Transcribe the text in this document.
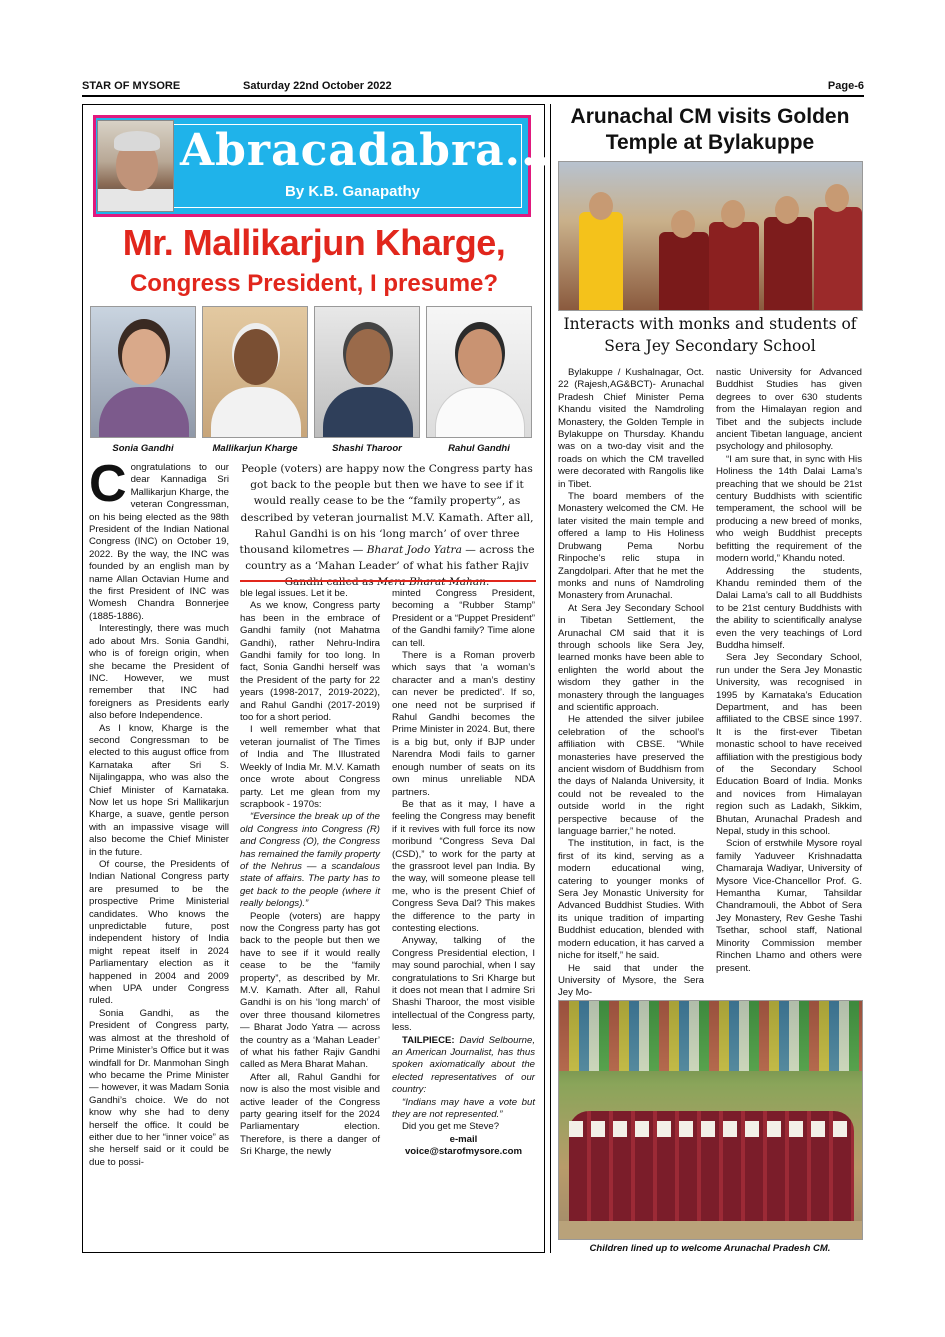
STAR OF MYSORE	Saturday 22nd October 2022	Page-6
Abracadabra...
By K.B. Ganapathy
Mr. Mallikarjun Kharge,
Congress President, I presume?
Sonia Gandhi	Mallikarjun Kharge	Shashi Tharoor	Rahul Gandhi
People (voters) are happy now the Congress party has got back to the people but then we have to see if it would really cease to be the “family property”, as described by veteran journalist M.V. Kamath. After all, Rahul Gandhi is on his ‘long march’ of over three thousand kilometres — Bharat Jodo Yatra — across the country as a ‘Mahan Leader’ of what his father Rajiv Gandhi called as Mera Bharat Mahan.

Congratulations to our dear Kannadiga Sri Mallikarjun Kharge, the veteran Congressman, on his being elected as the 98th President of the Indian National Congress (INC) on October 19, 2022. By the way, the INC was founded by an english man by name Allan Octavian Hume and the first President of INC was Womesh Chandra Bonnerjee (1885-1886).

Interestingly, there was much ado about Mrs. Sonia Gandhi, who is of foreign origin, when she became the President of INC. However, we must remember that INC had foreigners as Presidents early also before Independence.

As I know, Kharge is the second Congressman to be elected to this august office from Karnataka after Sri S. Nijalingappa, who was also the Chief Minister of Karnataka. Now let us hope Sri Mallikarjun Kharge, a suave, gentle person with an impassive visage will also become the Chief Minister in the future.

Of course, the Presidents of Indian National Congress party are presumed to be the prospective Prime Ministerial candidates. Who knows the unpredictable future, post independent history of India might repeat itself in 2024 Parliamentary election as it happened in 2004 and 2009 when UPA under Congress ruled.

Sonia Gandhi, as the President of Congress party, was almost at the threshold of Prime Minister’s Office but it was windfall for Dr. Manmohan Singh who became the Prime Minister — however, it was Madam Sonia Gandhi’s choice. We do not know why she had to deny herself the office. It could be either due to her “inner voice” as she herself said or it could be due to possi-

ble legal issues. Let it be.

As we know, Congress party has been in the embrace of Gandhi family (not Mahatma Gandhi), rather Nehru-Indira Gandhi family for too long. In fact, Sonia Gandhi herself was the President of the party for 22 years (1998-2017, 2019-2022), and Rahul Gandhi (2017-2019) too for a short period.

I well remember what that veteran journalist of The Times of India and The Illustrated Weekly of India Mr. M.V. Kamath once wrote about Congress party. Let me glean from my scrapbook - 1970s:

“Eversince the break up of the old Congress into Congress (R) and Congress (O), the Congress has remained the family property of the Nehrus — a scandalous state of affairs. The party has to get back to the people (where it really belongs).”

People (voters) are happy now the Congress party has got back to the people but then we have to see if it would really cease to be the “family property”, as described by Mr. M.V. Kamath. After all, Rahul Gandhi is on his ‘long march’ of over three thousand kilometres — Bharat Jodo Yatra — across the country as a ‘Mahan Leader’ of what his father Rajiv Gandhi called as Mera Bharat Mahan.

After all, Rahul Gandhi for now is also the most visible and active leader of the Congress party gearing itself for the 2024 Parliamentary election. Therefore, is there a danger of Sri Kharge, the newly

minted Congress President, becoming a “Rubber Stamp” President or a “Puppet President” of the Gandhi family? Time alone can tell.

There is a Roman proverb which says that ‘a woman’s character and a man’s destiny can never be predicted’. If so, one need not be surprised if Rahul Gandhi becomes the Prime Minister in 2024. But, there is a big but, only if BJP under Narendra Modi fails to garner enough number of seats on its own minus unreliable NDA partners.

Be that as it may, I have a feeling the Congress may benefit if it revives with full force its now moribund “Congress Seva Dal (CSD),” to work for the party at the grassroot level pan India. By the way, will someone please tell me, who is the present Chief of Congress Seva Dal? This makes the difference to the party in contesting elections.

Anyway, talking of the Congress Presidential election, I may sound parochial, when I say congratulations to Sri Kharge but it does not mean that I admire Sri Shashi Tharoor, the most visible intellectual of the Congress party, less.

TAILPIECE: David Selbourne, an American Journalist, has thus spoken axiomatically about the elected representatives of our country:

“Indians may have a vote but they are not represented.”

Did you get me Steve?

e-mail

voice@starofmysore.com

Arunachal CM visits Golden Temple at Bylakuppe
Interacts with monks and students of Sera Jey Secondary School

Bylakuppe / Kushalnagar, Oct. 22 (Rajesh,AG&BCT)- Arunachal Pradesh Chief Minister Pema Khandu visited the Namdroling Monastery, the Golden Temple in Bylakuppe on Thursday. Khandu was on a two-day visit and the roads on which the CM travelled were decorated with Rangolis like in Tibet.

The board members of the Monastery welcomed the CM. He later visited the main temple and offered a lamp to His Holiness Drubwang Pema Norbu Rinpoche’s relic stupa in Zangdolpari. After that he met the monks and nuns of Namdroling Monastery from Arunachal.

At Sera Jey Secondary School in Tibetan Settlement, the Arunachal CM said that it is through schools like Sera Jey, learned monks have been able to enlighten the world about the wisdom they gather in the monastery through the languages and scientific approach.

He attended the silver jubilee celebration of the school’s affiliation with CBSE. “While monasteries have preserved the ancient wisdom of Buddhism from the days of Nalanda University, it could not be revealed to the outside world in the right perspective because of the language barrier,” he noted.

The institution, in fact, is the first of its kind, serving as a modern educational wing, catering to younger monks of Sera Jey Monastic University for Advanced Buddhist Studies. With its unique tradition of imparting Buddhist education, blended with modern education, it has carved a niche for itself,” he said.

He said that under the University of Mysore, the Sera Jey Mo-

nastic University for Advanced Buddhist Studies has given degrees to over 630 students from the Himalayan region and Tibet and the subjects include ancient Tibetan language, ancient psychology and philosophy.

“I am sure that, in sync with His Holiness the 14th Dalai Lama’s preaching that we should be 21st century Buddhists with scientific temperament, the school will be producing a new breed of monks, who weigh Buddhist precepts befitting the requirement of the modern world,” Khandu noted.

Addressing the students, Khandu reminded them of the Dalai Lama’s call to all Buddhists to be 21st century Buddhists with the ability to scientifically analyse even the very teachings of Lord Buddha himself.

Sera Jey Secondary School, run under the Sera Jey Monastic University, was recognised in 1995 by Karnataka’s Education Department, and has been affiliated to the CBSE since 1997. It is the first-ever Tibetan monastic school to have received affiliation with the prestigious body of the Secondary School Education Board of India. Monks and novices from Himalayan region such as Ladakh, Sikkim, Bhutan, Arunachal Pradesh and Nepal, study in this school.

Scion of erstwhile Mysore royal family Yaduveer Krishnadatta Chamaraja Wadiyar, University of Mysore Vice-Chancellor Prof. G. Hemantha Kumar, Tahsildar Chandramouli, the Abbot of Sera Jey Monastery, Rev Geshe Tashi Tsethar, school staff, National Minority Commission member Rinchen Lhamo and others were present.

Children lined up to welcome Arunachal Pradesh CM.
